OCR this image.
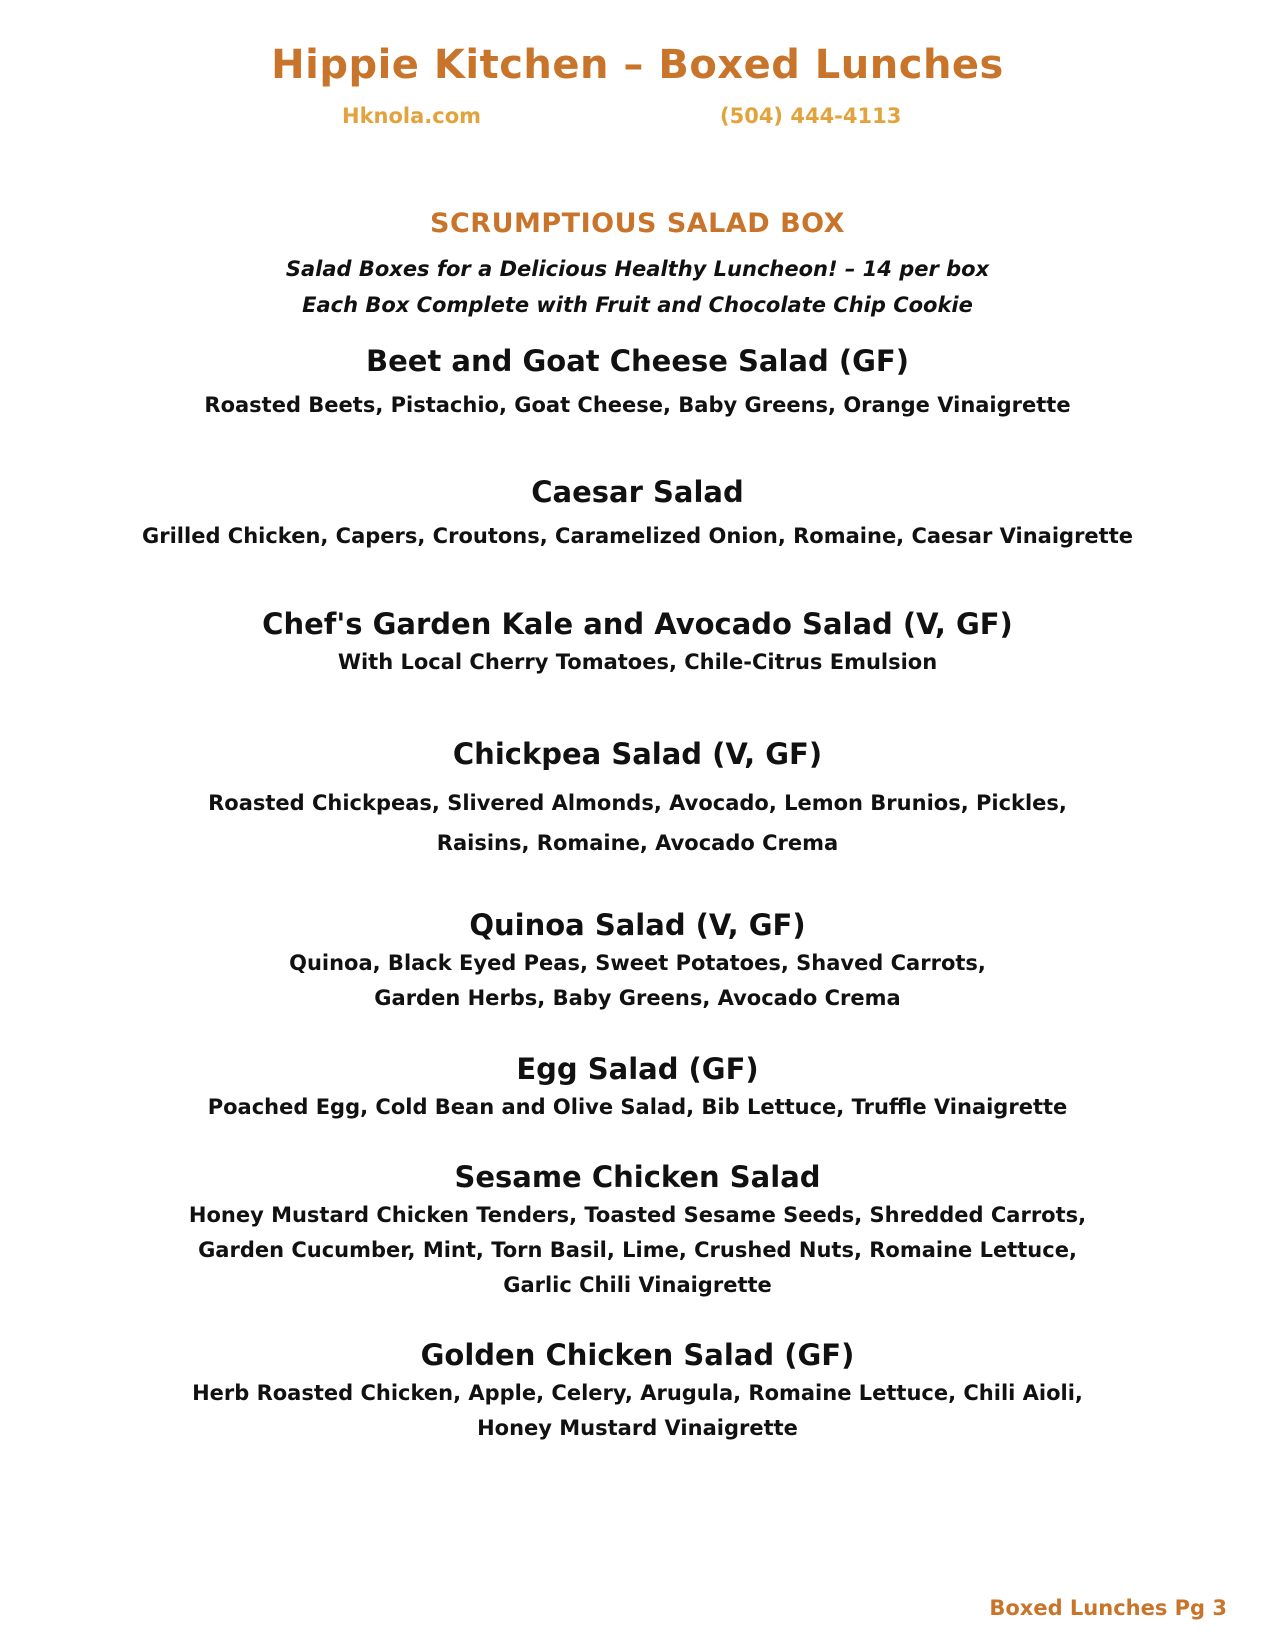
Hippie Kitchen – Boxed Lunches
Hknola.com	(504) 444-4113
SCRUMPTIOUS SALAD BOX
Salad Boxes for a Delicious Healthy Luncheon! – 14 per box
Each Box Complete with Fruit and Chocolate Chip Cookie
Beet and Goat Cheese Salad (GF)
Roasted Beets, Pistachio, Goat Cheese, Baby Greens, Orange Vinaigrette
Caesar Salad
Grilled Chicken, Capers, Croutons, Caramelized Onion, Romaine, Caesar Vinaigrette
Chef's Garden Kale and Avocado Salad (V, GF)
With Local Cherry Tomatoes, Chile-Citrus Emulsion
Chickpea Salad (V, GF)
Roasted Chickpeas, Slivered Almonds, Avocado, Lemon Brunios, Pickles,
Raisins, Romaine, Avocado Crema
Quinoa Salad (V, GF)
Quinoa, Black Eyed Peas, Sweet Potatoes, Shaved Carrots,
Garden Herbs, Baby Greens, Avocado Crema
Egg Salad (GF)
Poached Egg, Cold Bean and Olive Salad, Bib Lettuce, Truffle Vinaigrette
Sesame Chicken Salad
Honey Mustard Chicken Tenders, Toasted Sesame Seeds, Shredded Carrots,
Garden Cucumber, Mint, Torn Basil, Lime, Crushed Nuts, Romaine Lettuce,
Garlic Chili Vinaigrette
Golden Chicken Salad (GF)
Herb Roasted Chicken, Apple, Celery, Arugula, Romaine Lettuce, Chili Aioli,
Honey Mustard Vinaigrette
Boxed Lunches Pg 3
